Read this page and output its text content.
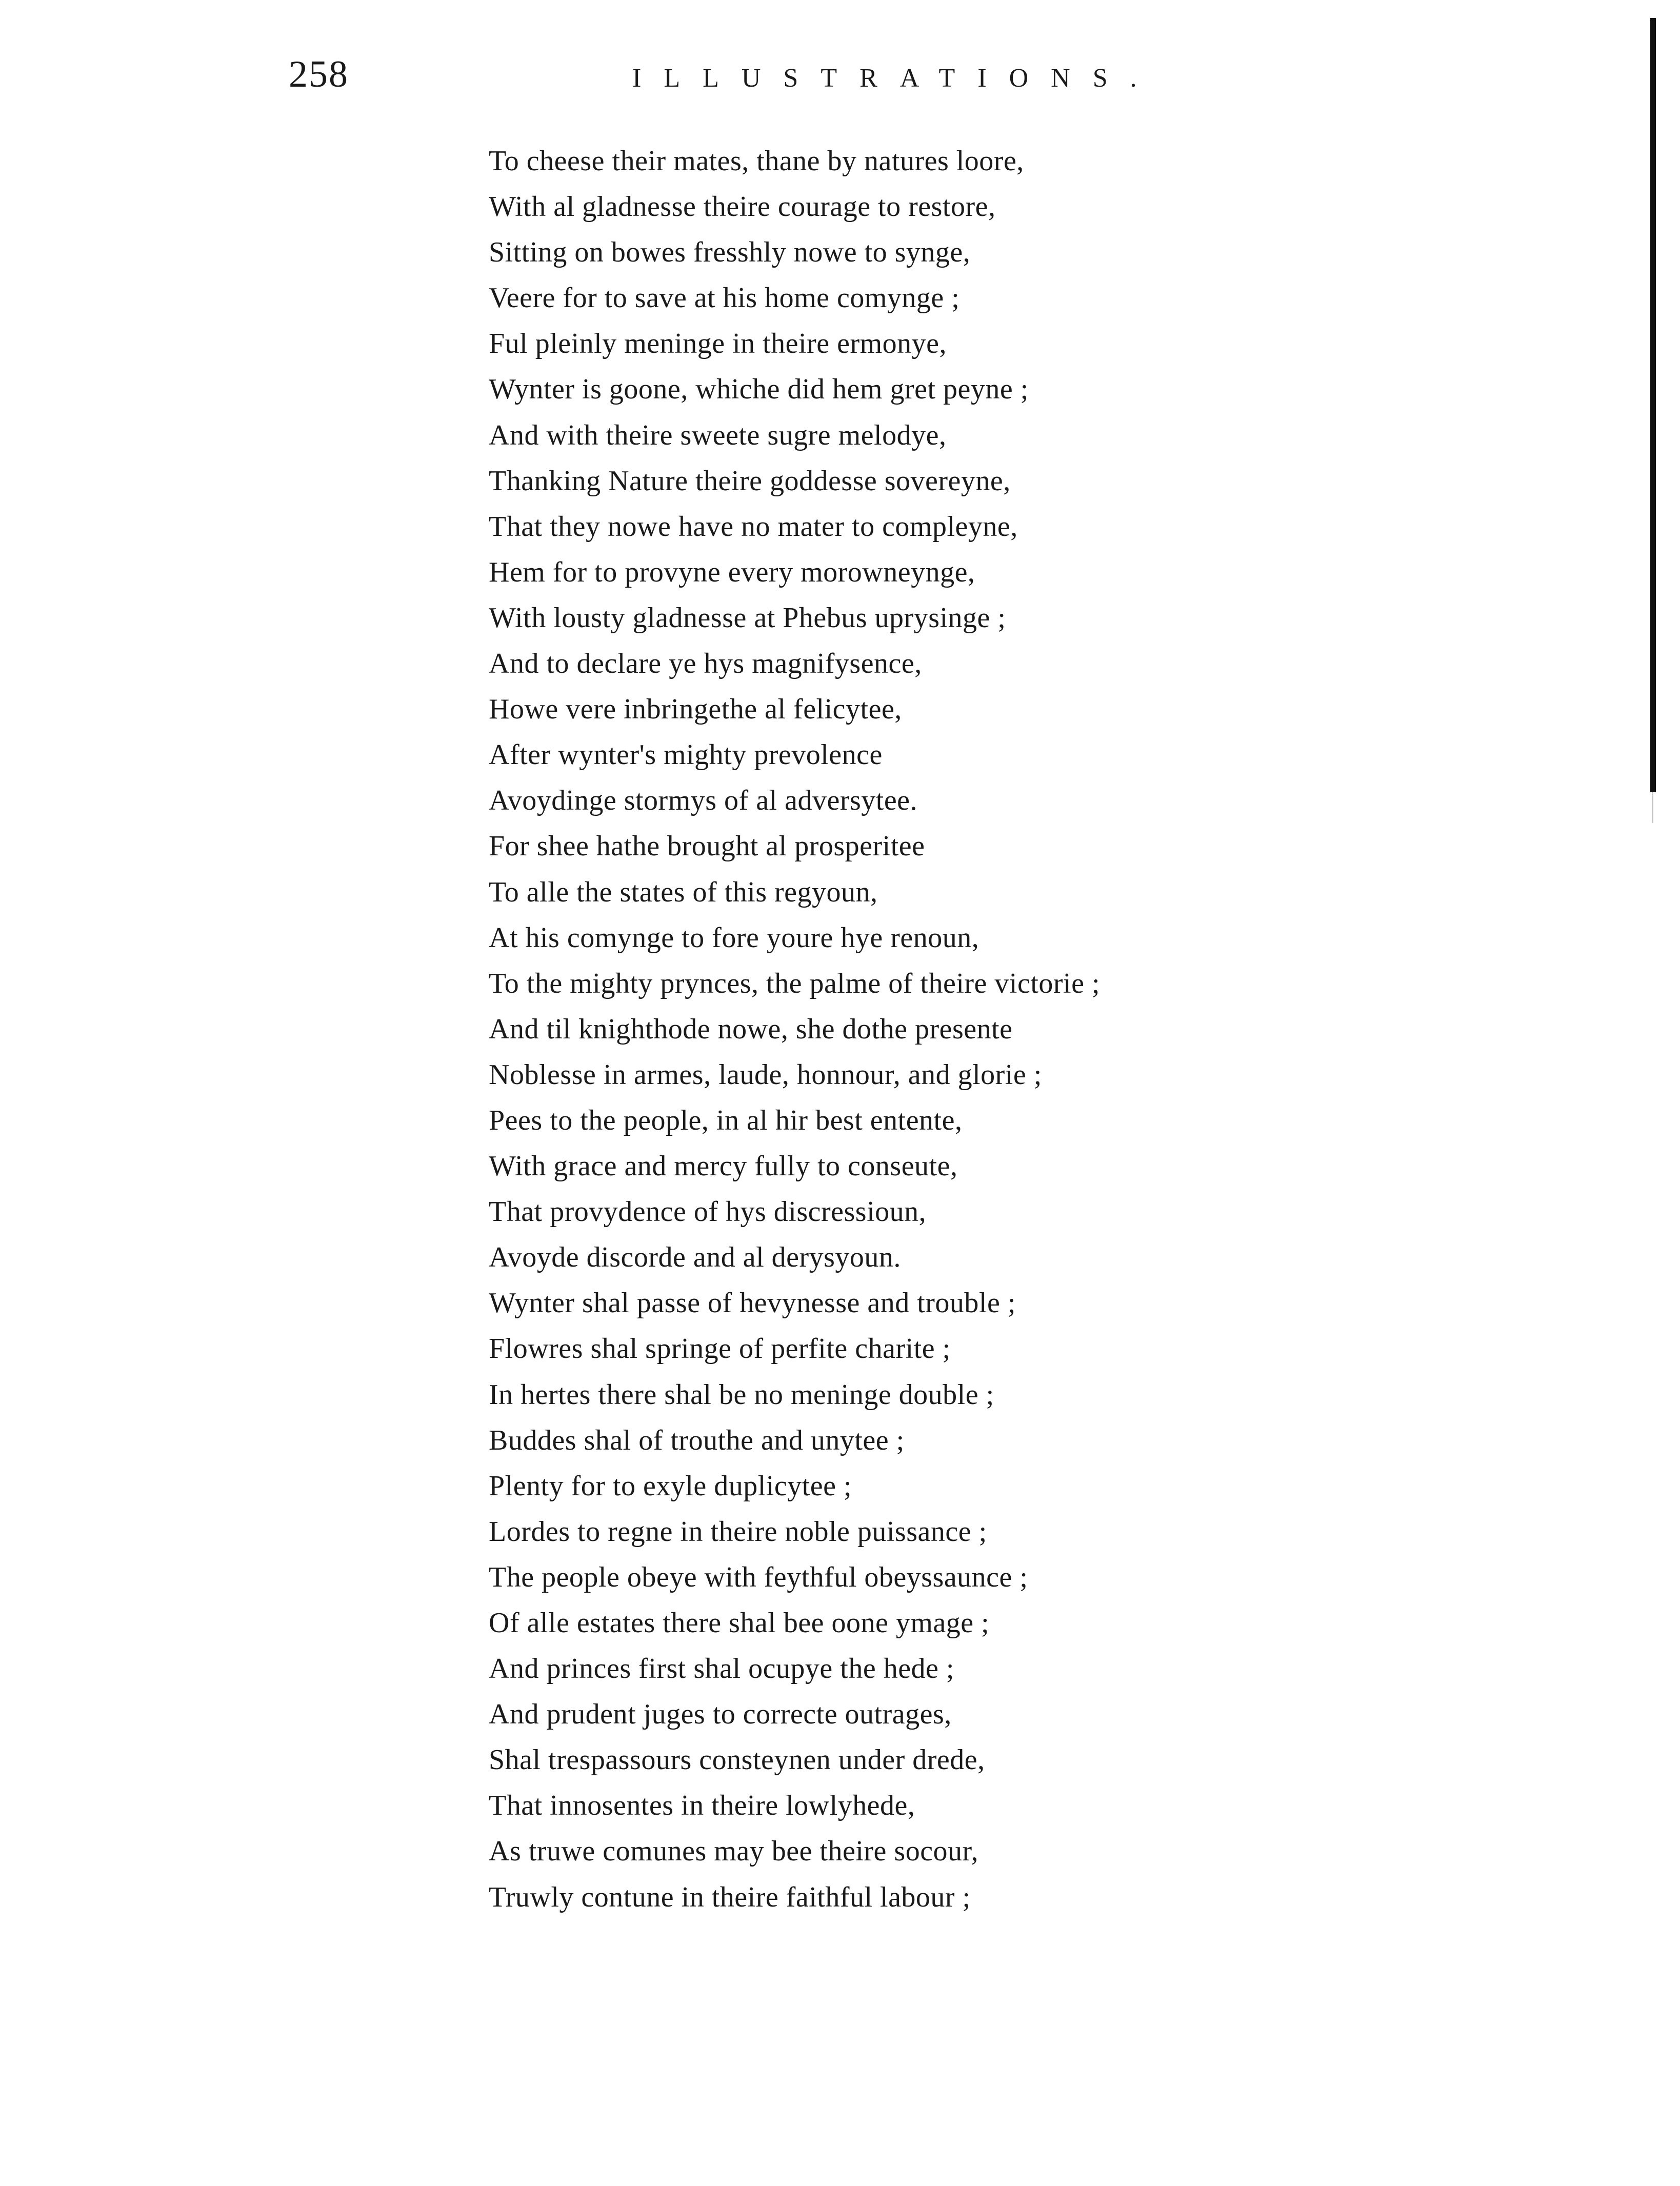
258	ILLUSTRATIONS.
To cheese their mates, thane by natures loore,
With al gladnesse theire courage to restore,
Sitting on bowes fresshly nowe to synge,
Veere for to save at his home comynge ;
Ful pleinly meninge in theire ermonye,
Wynter is goone, whiche did hem gret peyne ;
And with theire sweete sugre melodye,
Thanking Nature theire goddesse sovereyne,
That they nowe have no mater to compleyne,
Hem for to provyne every morowneynge,
With lousty gladnesse at Phebus uprysinge ;
And to declare ye hys magnifysence,
Howe vere inbringethe al felicytee,
After wynter's mighty prevolence
Avoydinge stormys of al adversytee.
For shee hathe brought al prosperitee
To alle the states of this regyoun,
At his comynge to fore youre hye renoun,
To the mighty prynces, the palme of theire victorie ;
And til knighthode nowe, she dothe presente
Noblesse in armes, laude, honnour, and glorie ;
Pees to the people, in al hir best entente,
With grace and mercy fully to conseute,
That provydence of hys discressioun,
Avoyde discorde and al derysyoun.
Wynter shal passe of hevynesse and trouble ;
Flowres shal springe of perfite charite ;
In hertes there shal be no meninge double ;
Buddes shal of trouthe and unytee ;
Plenty for to exyle duplicytee ;
Lordes to regne in theire noble puissance ;
The people obeye with feythful obeyssaunce ;
Of alle estates there shal bee oone ymage ;
And princes first shal ocupye the hede ;
And prudent juges to correcte outrages,
Shal trespassours consteynen under drede,
That innosentes in theire lowlyhede,
As truwe comunes may bee theire socour,
Truwly contune in theire faithful labour ;
